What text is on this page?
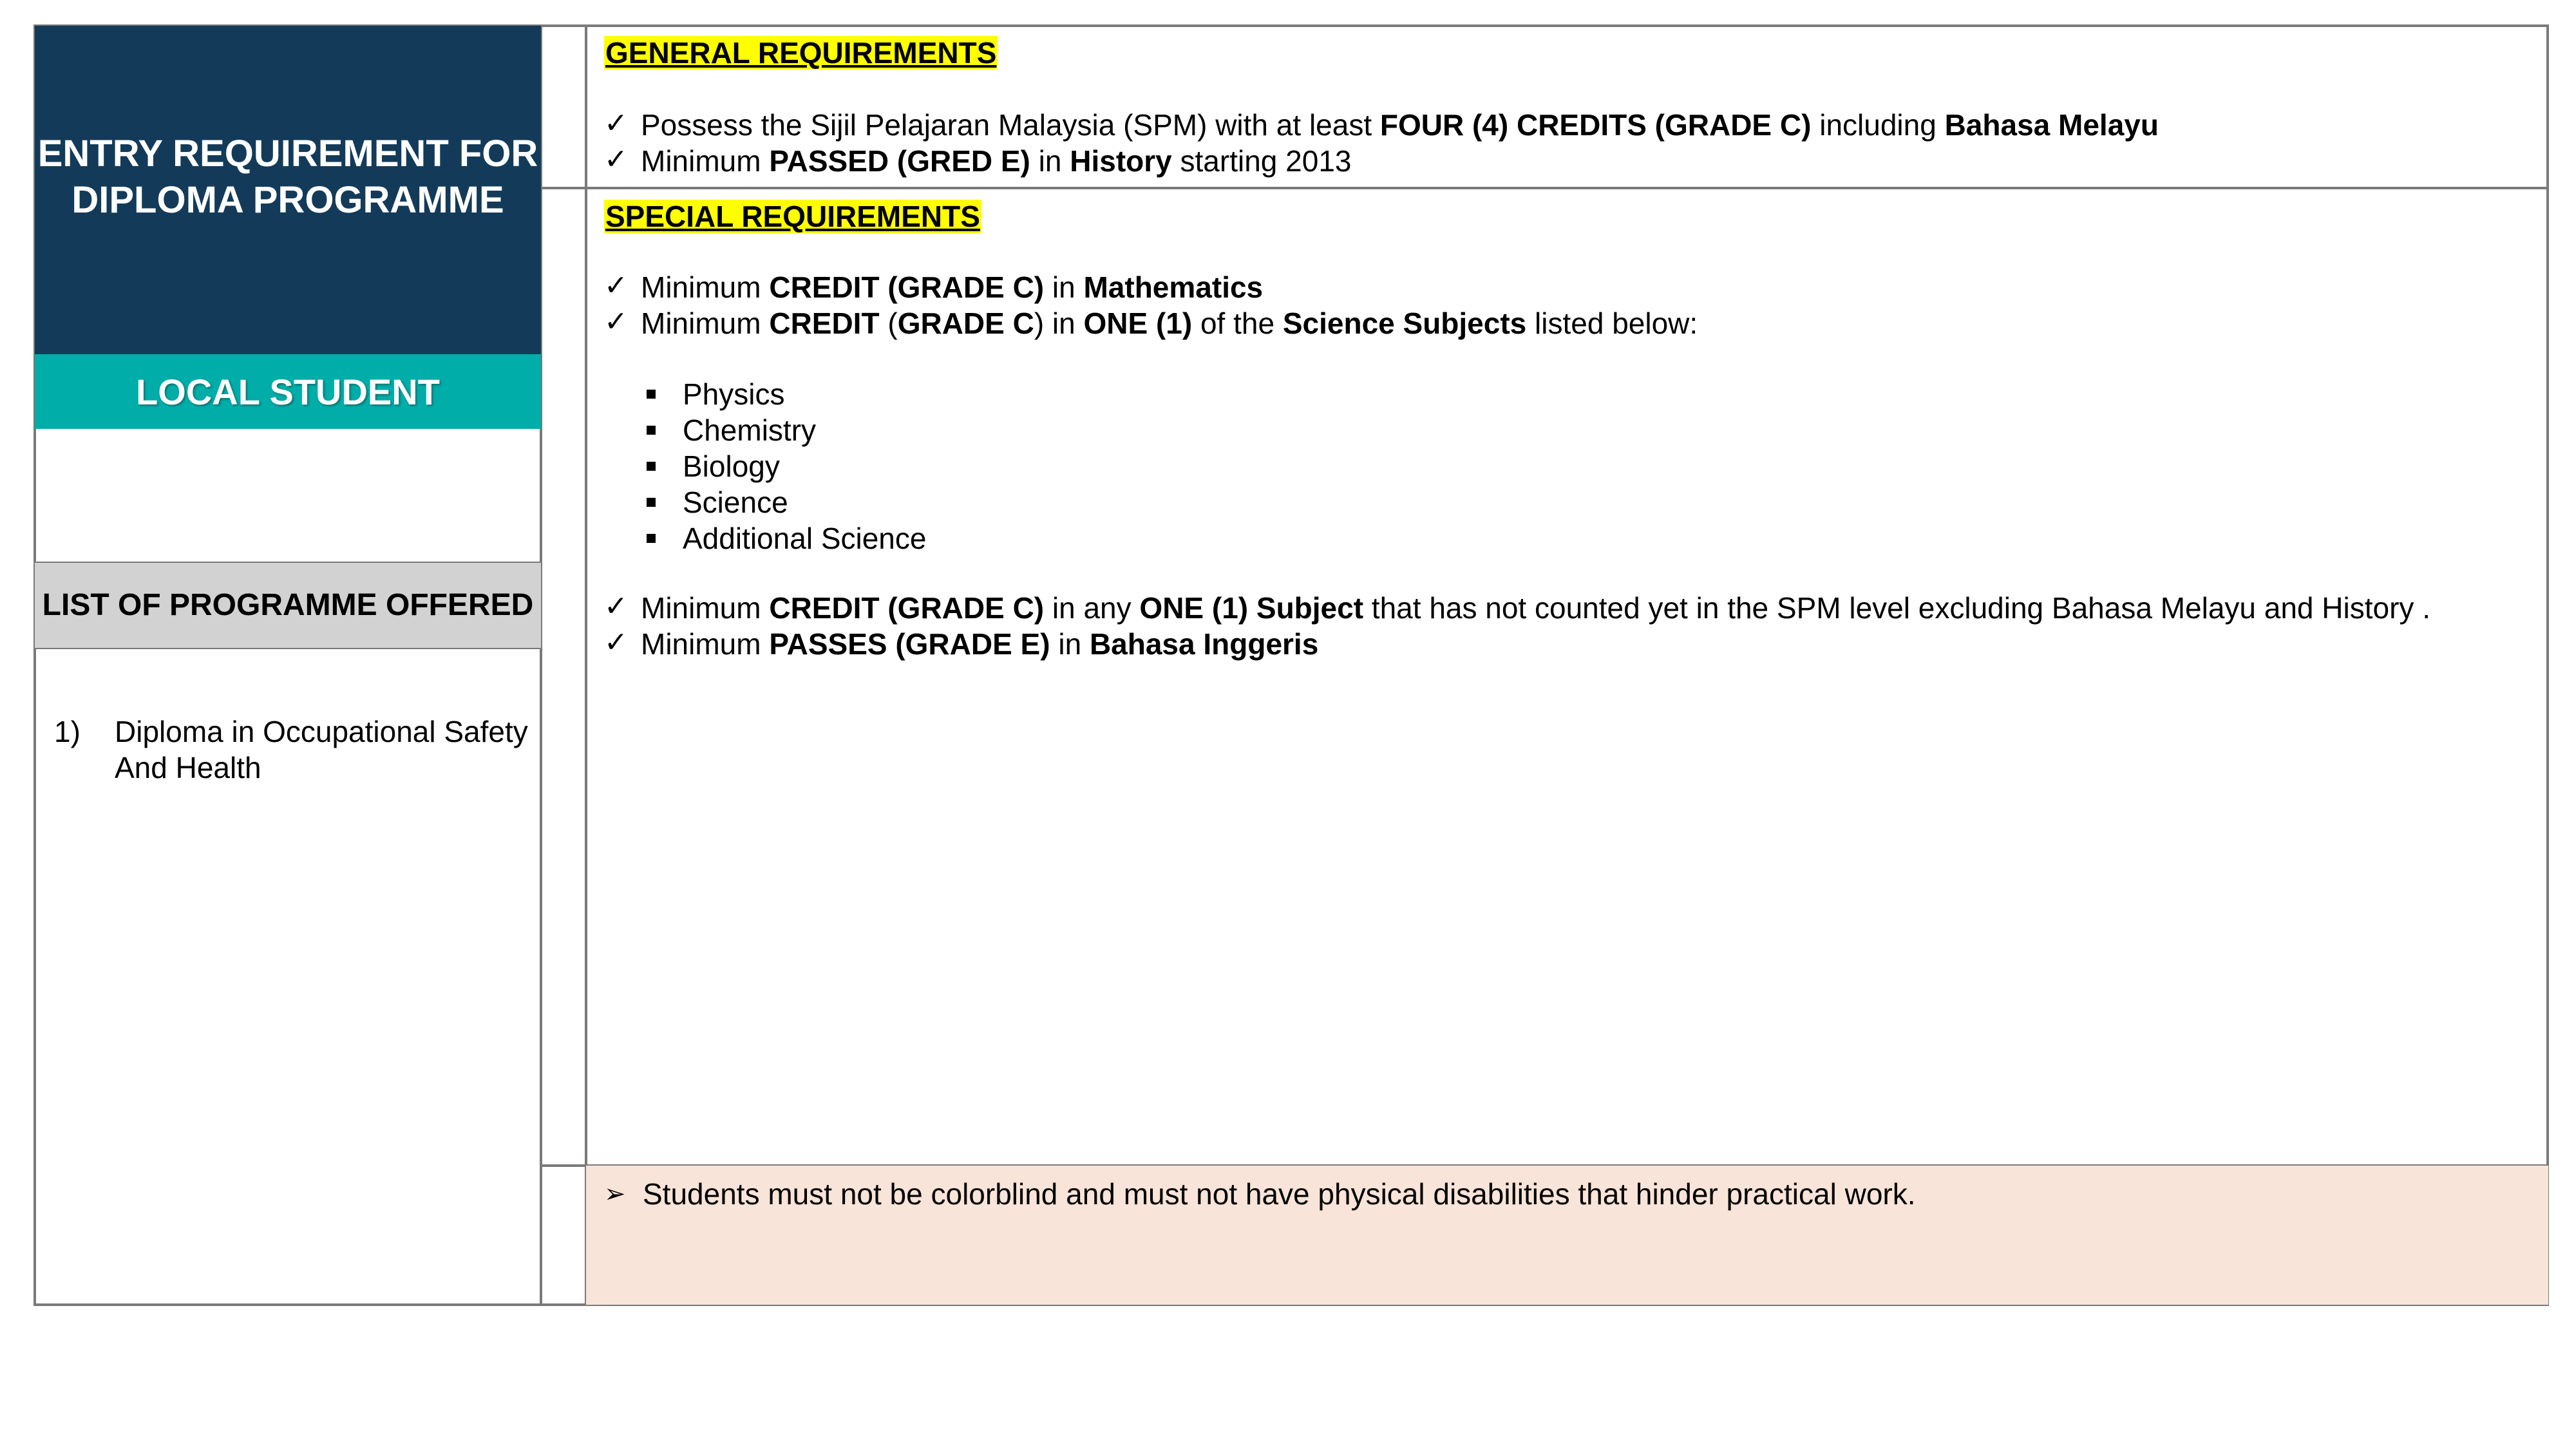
ENTRY REQUIREMENT FOR DIPLOMA PROGRAMME
LOCAL STUDENT
LIST OF PROGRAMME OFFERED
1)	Diploma in Occupational Safety And Health
GENERAL REQUIREMENTS
✓ Possess the Sijil Pelajaran Malaysia (SPM) with at least FOUR (4) CREDITS (GRADE C) including Bahasa Melayu
✓ Minimum PASSED (GRED E) in History starting 2013
SPECIAL REQUIREMENTS
✓ Minimum CREDIT (GRADE C) in Mathematics
✓ Minimum CREDIT (GRADE C) in ONE (1) of the Science Subjects listed below:
Physics
Chemistry
Biology
Science
Additional Science
✓ Minimum CREDIT (GRADE C) in any ONE (1) Subject that has not counted yet in the SPM level excluding Bahasa Melayu and History .
✓ Minimum PASSES (GRADE E) in Bahasa Inggeris
➢ Students must not be colorblind and must not have physical disabilities that hinder practical work.
